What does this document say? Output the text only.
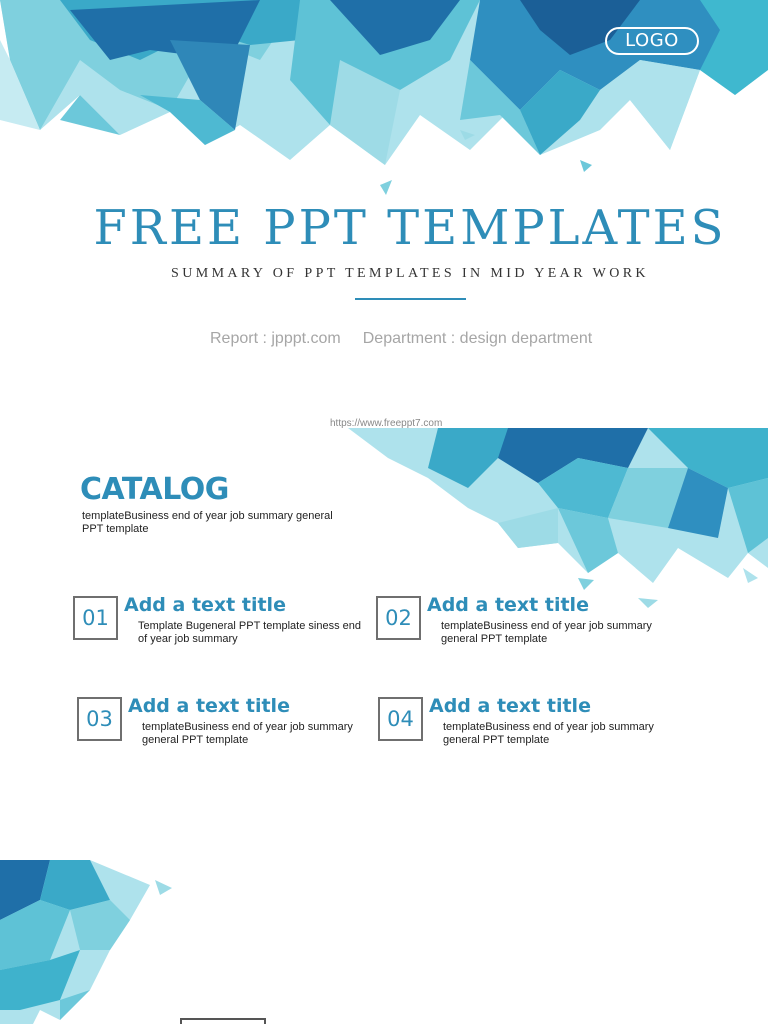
LOGO
FREE PPT TEMPLATES
SUMMARY OF PPT TEMPLATES IN MID YEAR WORK
Report : jpppt.com Department : design department
https://www.freeppt7.com
CATALOG
templateBusiness end of year job summary general PPT template
01
Add a text title
Template Bugeneral PPT template siness end of year job summary
02
Add a text title
templateBusiness end of year job summary general PPT template
03
Add a text title
templateBusiness end of year job summary general PPT template
04
Add a text title
templateBusiness end of year job summary general PPT template
